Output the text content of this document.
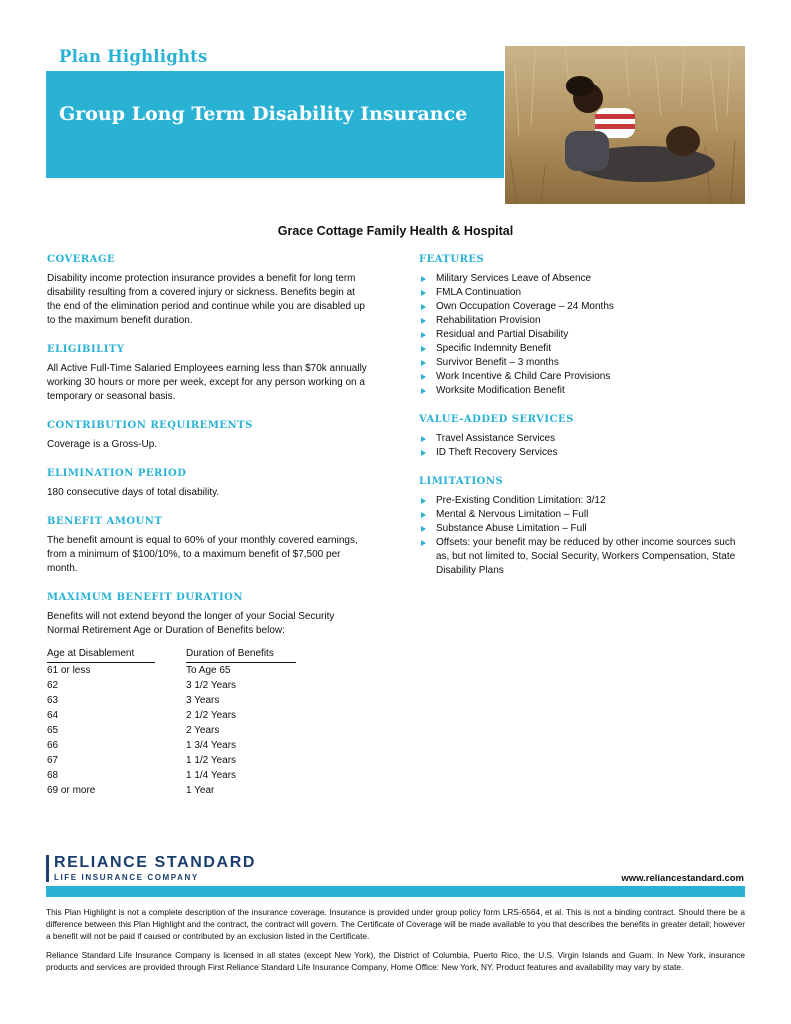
Plan Highlights
Group Long Term Disability Insurance
Grace Cottage Family Health & Hospital
COVERAGE
Disability income protection insurance provides a benefit for long term disability resulting from a covered injury or sickness. Benefits begin at the end of the elimination period and continue while you are disabled up to the maximum benefit duration.
ELIGIBILITY
All Active Full-Time Salaried Employees earning less than $70k annually working 30 hours or more per week, except for any person working on a temporary or seasonal basis.
CONTRIBUTION REQUIREMENTS
Coverage is a Gross-Up.
ELIMINATION PERIOD
180 consecutive days of total disability.
BENEFIT AMOUNT
The benefit amount is equal to 60% of your monthly covered earnings, from a minimum of $100/10%, to a maximum benefit of $7,500 per month.
MAXIMUM BENEFIT DURATION
Benefits will not extend beyond the longer of your Social Security Normal Retirement Age or Duration of Benefits below:
Age at Disablement	Duration of Benefits
61 or less	To Age 65
62	3 1/2 Years
63	3 Years
64	2 1/2 Years
65	2 Years
66	1 3/4 Years
67	1 1/2 Years
68	1 1/4 Years
69 or more	1 Year
FEATURES
Military Services Leave of Absence
FMLA Continuation
Own Occupation Coverage – 24 Months
Rehabilitation Provision
Residual and Partial Disability
Specific Indemnity Benefit
Survivor Benefit – 3 months
Work Incentive & Child Care Provisions
Worksite Modification Benefit
VALUE-ADDED SERVICES
Travel Assistance Services
ID Theft Recovery Services
LIMITATIONS
Pre-Existing Condition Limitation: 3/12
Mental & Nervous Limitation – Full
Substance Abuse Limitation – Full
Offsets: your benefit may be reduced by other income sources such as, but not limited to, Social Security, Workers Compensation, State Disability Plans
RELIANCE STANDARD
LIFE INSURANCE COMPANY	www.reliancestandard.com

This Plan Highlight is not a complete description of the insurance coverage. Insurance is provided under group policy form LRS-6564, et al. This is not a binding contract. Should there be a difference between this Plan Highlight and the contract, the contract will govern. The Certificate of Coverage will be made available to you that describes the benefits in greater detail; however a benefit will not be paid if caused or contributed by an exclusion listed in the Certificate.

Reliance Standard Life Insurance Company is licensed in all states (except New York), the District of Columbia, Puerto Rico, the U.S. Virgin Islands and Guam. In New York, insurance products and services are provided through First Reliance Standard Life Insurance Company, Home Office: New York, NY. Product features and availability may vary by state.
